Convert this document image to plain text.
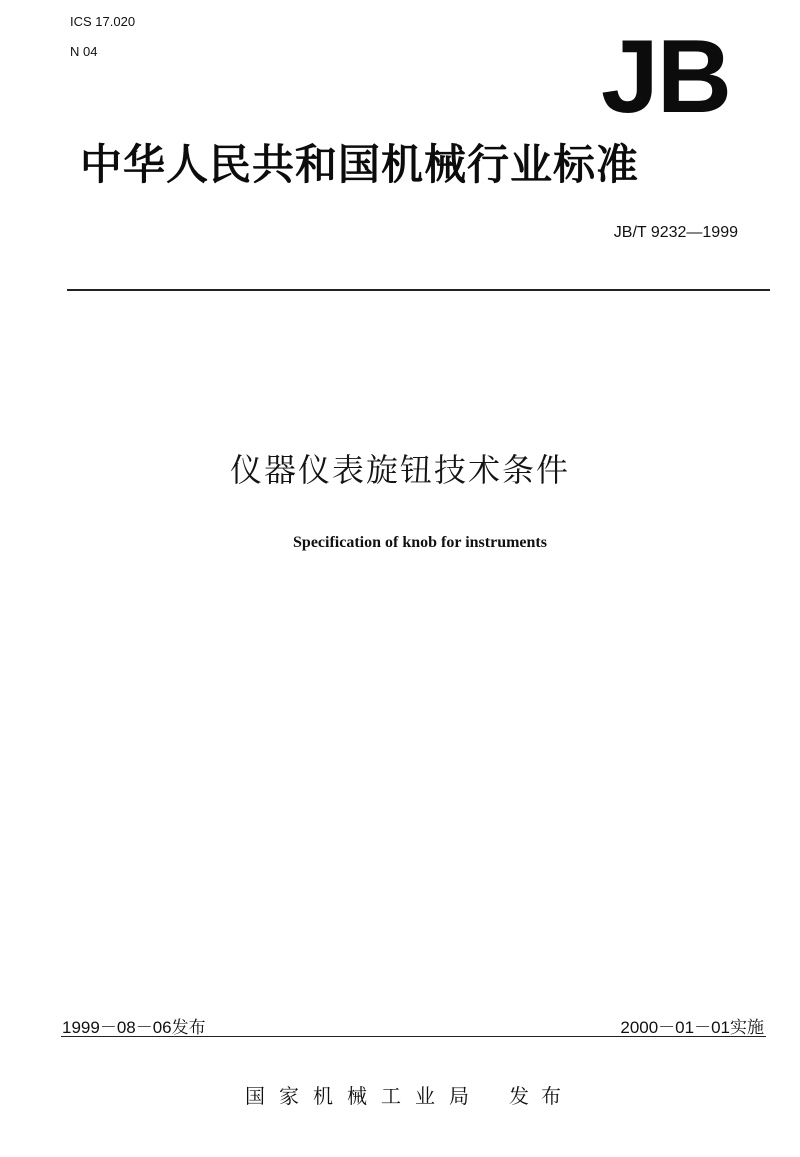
ICS 17.020
N 04	JB
中华人民共和国机械行业标准
JB/T 9232—1999
仪器仪表旋钮技术条件
Specification of knob for instruments
1999－08－06发布	2000－01－01实施
国家机械工业局 发布
